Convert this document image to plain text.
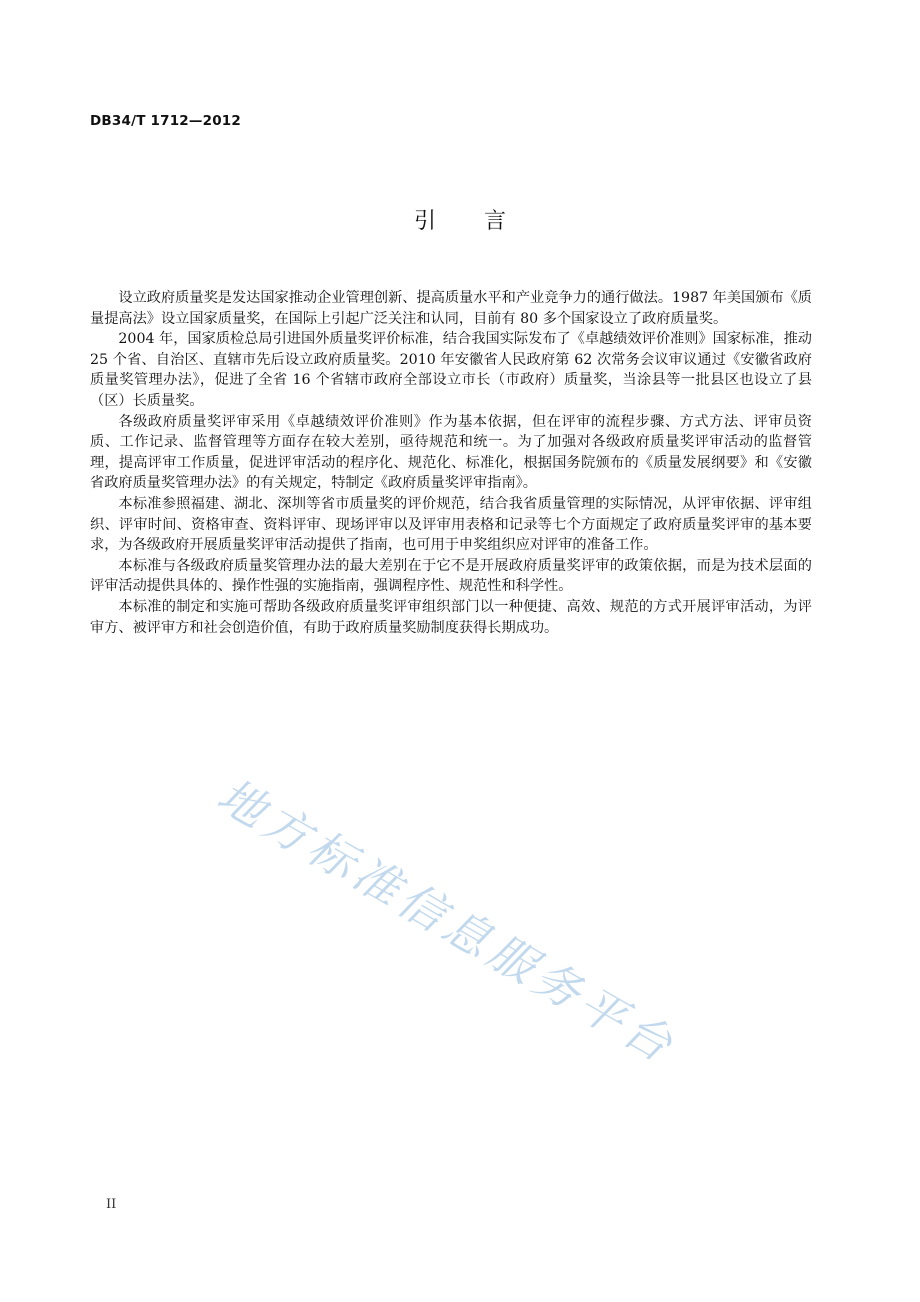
DB34/T 1712—2012
引 言

设立政府质量奖是发达国家推动企业管理创新、提高质量水平和产业竞争力的通行做法。1987 年美国颁布《质量提高法》设立国家质量奖，在国际上引起广泛关注和认同，目前有 80 多个国家设立了政府质量奖。

2004 年，国家质检总局引进国外质量奖评价标准，结合我国实际发布了《卓越绩效评价准则》国家标准，推动 25 个省、自治区、直辖市先后设立政府质量奖。2010 年安徽省人民政府第 62 次常务会议审议通过《安徽省政府质量奖管理办法》，促进了全省 16 个省辖市政府全部设立市长（市政府）质量奖，当涂县等一批县区也设立了县（区）长质量奖。

各级政府质量奖评审采用《卓越绩效评价准则》作为基本依据，但在评审的流程步骤、方式方法、评审员资质、工作记录、监督管理等方面存在较大差别，亟待规范和统一。为了加强对各级政府质量奖评审活动的监督管理，提高评审工作质量，促进评审活动的程序化、规范化、标准化，根据国务院颁布的《质量发展纲要》和《安徽省政府质量奖管理办法》的有关规定，特制定《政府质量奖评审指南》。

本标准参照福建、湖北、深圳等省市质量奖的评价规范，结合我省质量管理的实际情况，从评审依据、评审组织、评审时间、资格审查、资料评审、现场评审以及评审用表格和记录等七个方面规定了政府质量奖评审的基本要求，为各级政府开展质量奖评审活动提供了指南，也可用于申奖组织应对评审的准备工作。

本标准与各级政府质量奖管理办法的最大差别在于它不是开展政府质量奖评审的政策依据，而是为技术层面的评审活动提供具体的、操作性强的实施指南，强调程序性、规范性和科学性。

本标准的制定和实施可帮助各级政府质量奖评审组织部门以一种便捷、高效、规范的方式开展评审活动，为评审方、被评审方和社会创造价值，有助于政府质量奖励制度获得长期成功。

地方标准信息服务平台
II
